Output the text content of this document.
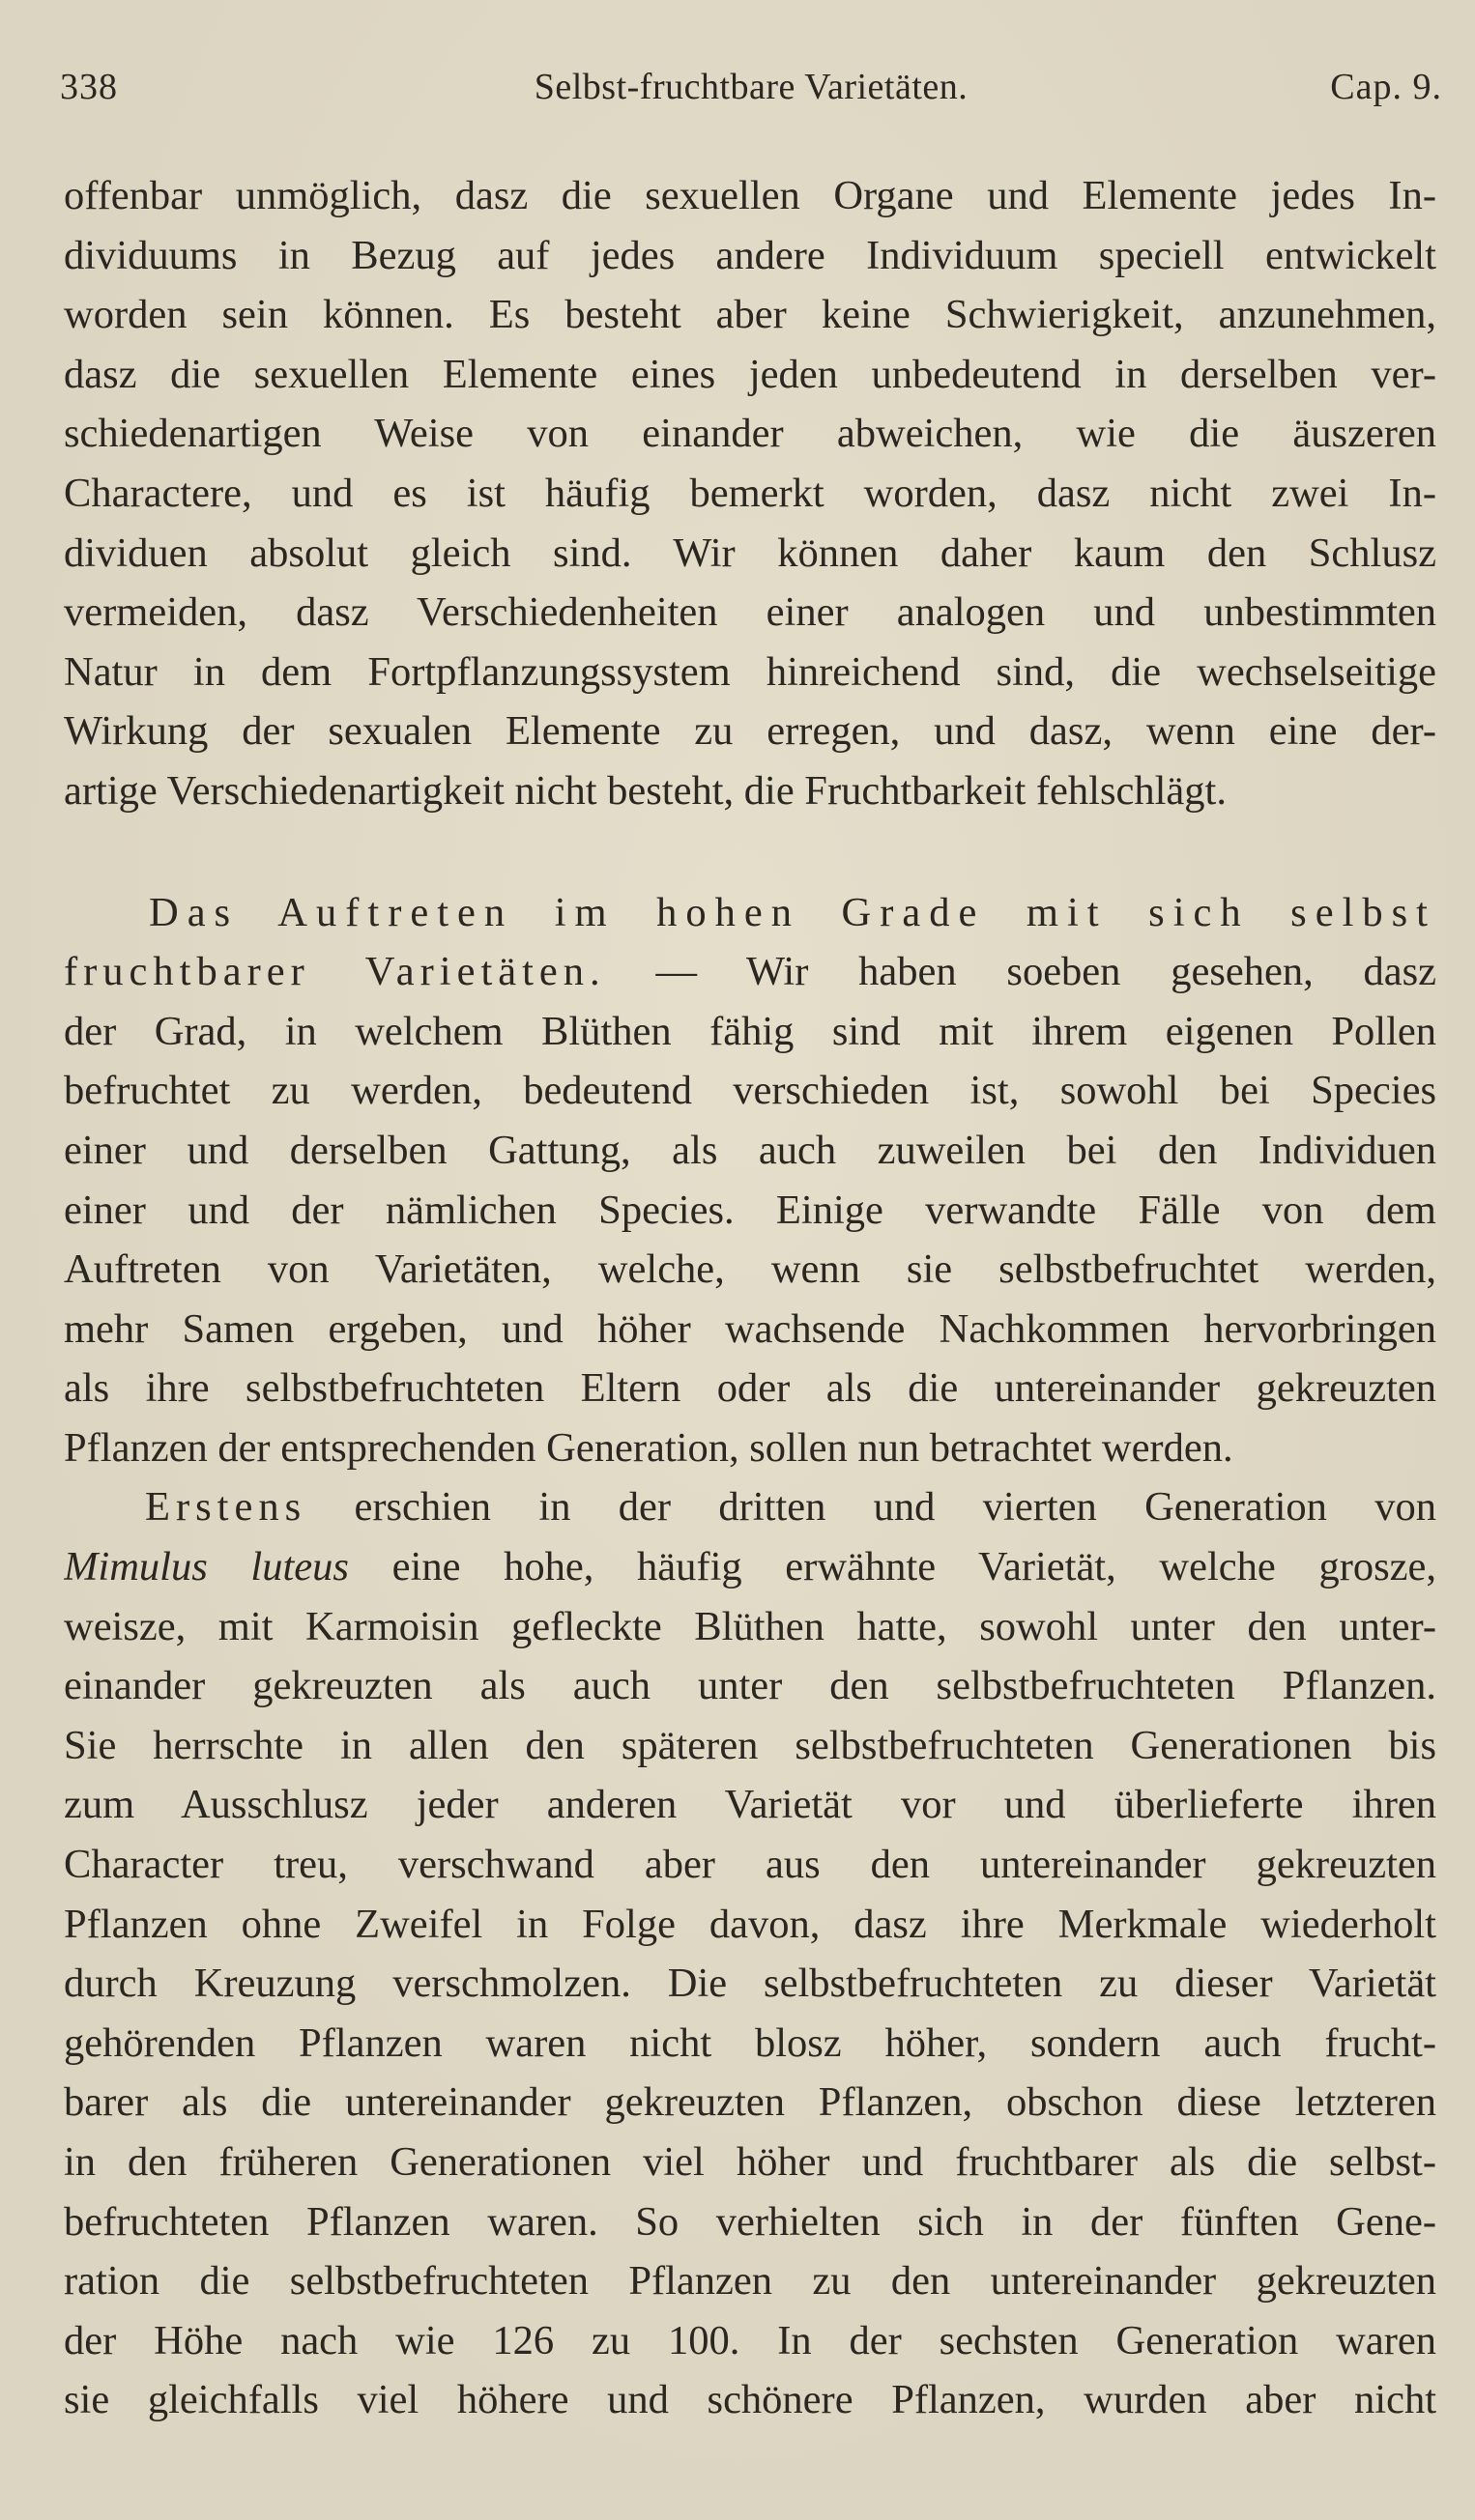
338	Selbst-fruchtbare Varietäten.	Cap. 9.
offenbar unmöglich, dasz die sexuellen Organe und Elemente jedes In-
dividuums in Bezug auf jedes andere Individuum speciell entwickelt
worden sein können. Es besteht aber keine Schwierigkeit, anzunehmen,
dasz die sexuellen Elemente eines jeden unbedeutend in derselben ver-
schiedenartigen Weise von einander abweichen, wie die äuszeren
Charactere, und es ist häufig bemerkt worden, dasz nicht zwei In-
dividuen absolut gleich sind. Wir können daher kaum den Schlusz
vermeiden, dasz Verschiedenheiten einer analogen und unbestimmten
Natur in dem Fortpflanzungssystem hinreichend sind, die wechselseitige
Wirkung der sexualen Elemente zu erregen, und dasz, wenn eine der-
artige Verschiedenartigkeit nicht besteht, die Fruchtbarkeit fehlschlägt.
Das Auftreten im hohen Grade mit sich selbst
fruchtbarer Varietäten. — Wir haben soeben gesehen, dasz
der Grad, in welchem Blüthen fähig sind mit ihrem eigenen Pollen
befruchtet zu werden, bedeutend verschieden ist, sowohl bei Species
einer und derselben Gattung, als auch zuweilen bei den Individuen
einer und der nämlichen Species. Einige verwandte Fälle von dem
Auftreten von Varietäten, welche, wenn sie selbstbefruchtet werden,
mehr Samen ergeben, und höher wachsende Nachkommen hervorbringen
als ihre selbstbefruchteten Eltern oder als die untereinander gekreuzten
Pflanzen der entsprechenden Generation, sollen nun betrachtet werden.
Erstens erschien in der dritten und vierten Generation von
Mimulus luteus eine hohe, häufig erwähnte Varietät, welche grosze,
weisze, mit Karmoisin gefleckte Blüthen hatte, sowohl unter den unter-
einander gekreuzten als auch unter den selbstbefruchteten Pflanzen.
Sie herrschte in allen den späteren selbstbefruchteten Generationen bis
zum Ausschlusz jeder anderen Varietät vor und überlieferte ihren
Character treu, verschwand aber aus den untereinander gekreuzten
Pflanzen ohne Zweifel in Folge davon, dasz ihre Merkmale wiederholt
durch Kreuzung verschmolzen. Die selbstbefruchteten zu dieser Varietät
gehörenden Pflanzen waren nicht blosz höher, sondern auch frucht-
barer als die untereinander gekreuzten Pflanzen, obschon diese letzteren
in den früheren Generationen viel höher und fruchtbarer als die selbst-
befruchteten Pflanzen waren. So verhielten sich in der fünften Gene-
ration die selbstbefruchteten Pflanzen zu den untereinander gekreuzten
der Höhe nach wie 126 zu 100. In der sechsten Generation waren
sie gleichfalls viel höhere und schönere Pflanzen, wurden aber nicht
